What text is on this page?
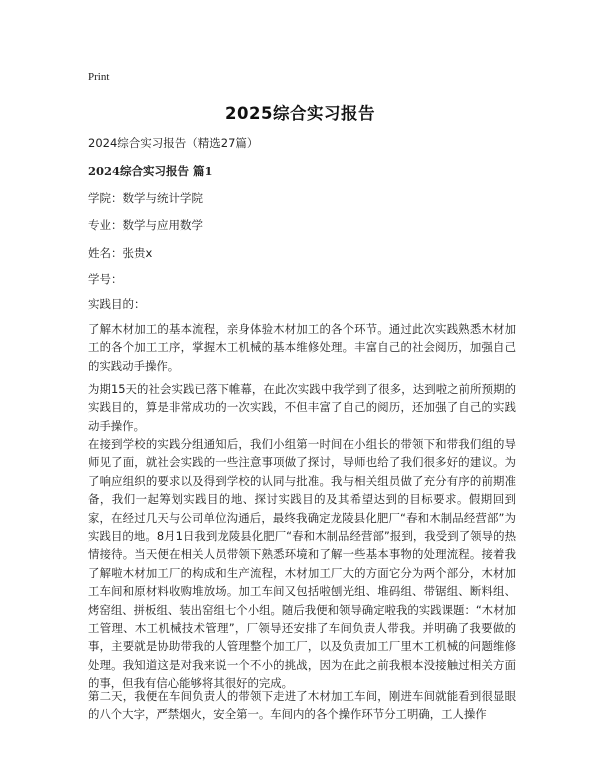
Print
2025综合实习报告
2024综合实习报告（精选27篇）
2024综合实习报告 篇1
学院：数学与统计学院
专业：数学与应用数学
姓名：张贵x
学号：
实践目的：

了解木材加工的基本流程，亲身体验木材加工的各个环节。通过此次实践熟悉木材加工的各个加工工序，掌握木工机械的基本维修处理。丰富自己的社会阅历，加强自己的实践动手操作。

为期15天的社会实践已落下帷幕，在此次实践中我学到了很多，达到啦之前所预期的实践目的，算是非常成功的一次实践，不但丰富了自己的阅历，还加强了自己的实践动手操作。

在接到学校的实践分组通知后，我们小组第一时间在小组长的带领下和带我们组的导师见了面，就社会实践的一些注意事项做了探讨，导师也给了我们很多好的建议。为了响应组织的要求以及得到学校的认同与批准。我与相关组员做了充分有序的前期准备，我们一起筹划实践目的地、探讨实践目的及其希望达到的目标要求。假期回到家，在经过几天与公司单位沟通后，最终我确定龙陵县化肥厂“春和木制品经营部”为实践目的地。8月1日我到龙陵县化肥厂“春和木制品经营部”报到，我受到了领导的热情接待。当天便在相关人员带领下熟悉环境和了解一些基本事物的处理流程。接着我了解啦木材加工厂的构成和生产流程，木材加工厂大的方面它分为两个部分，木材加工车间和原材料收购堆放场。加工车间又包括啦刨光组、堆码组、带锯组、断料组、烤窑组、拼板组、装出窑组七个小组。随后我便和领导确定啦我的实践课题：“木材加工管理、木工机械技术管理”，厂领导还安排了车间负责人带我。并明确了我要做的事，主要就是协助带我的人管理整个加工厂，以及负责加工厂里木工机械的问题维修处理。我知道这是对我来说一个不小的挑战，因为在此之前我根本没接触过相关方面的事，但我有信心能够将其很好的完成。

第二天，我便在车间负责人的带领下走进了木材加工车间，刚进车间就能看到很显眼的八个大字，严禁烟火，安全第一。车间内的各个操作环节分工明确，工人操作
